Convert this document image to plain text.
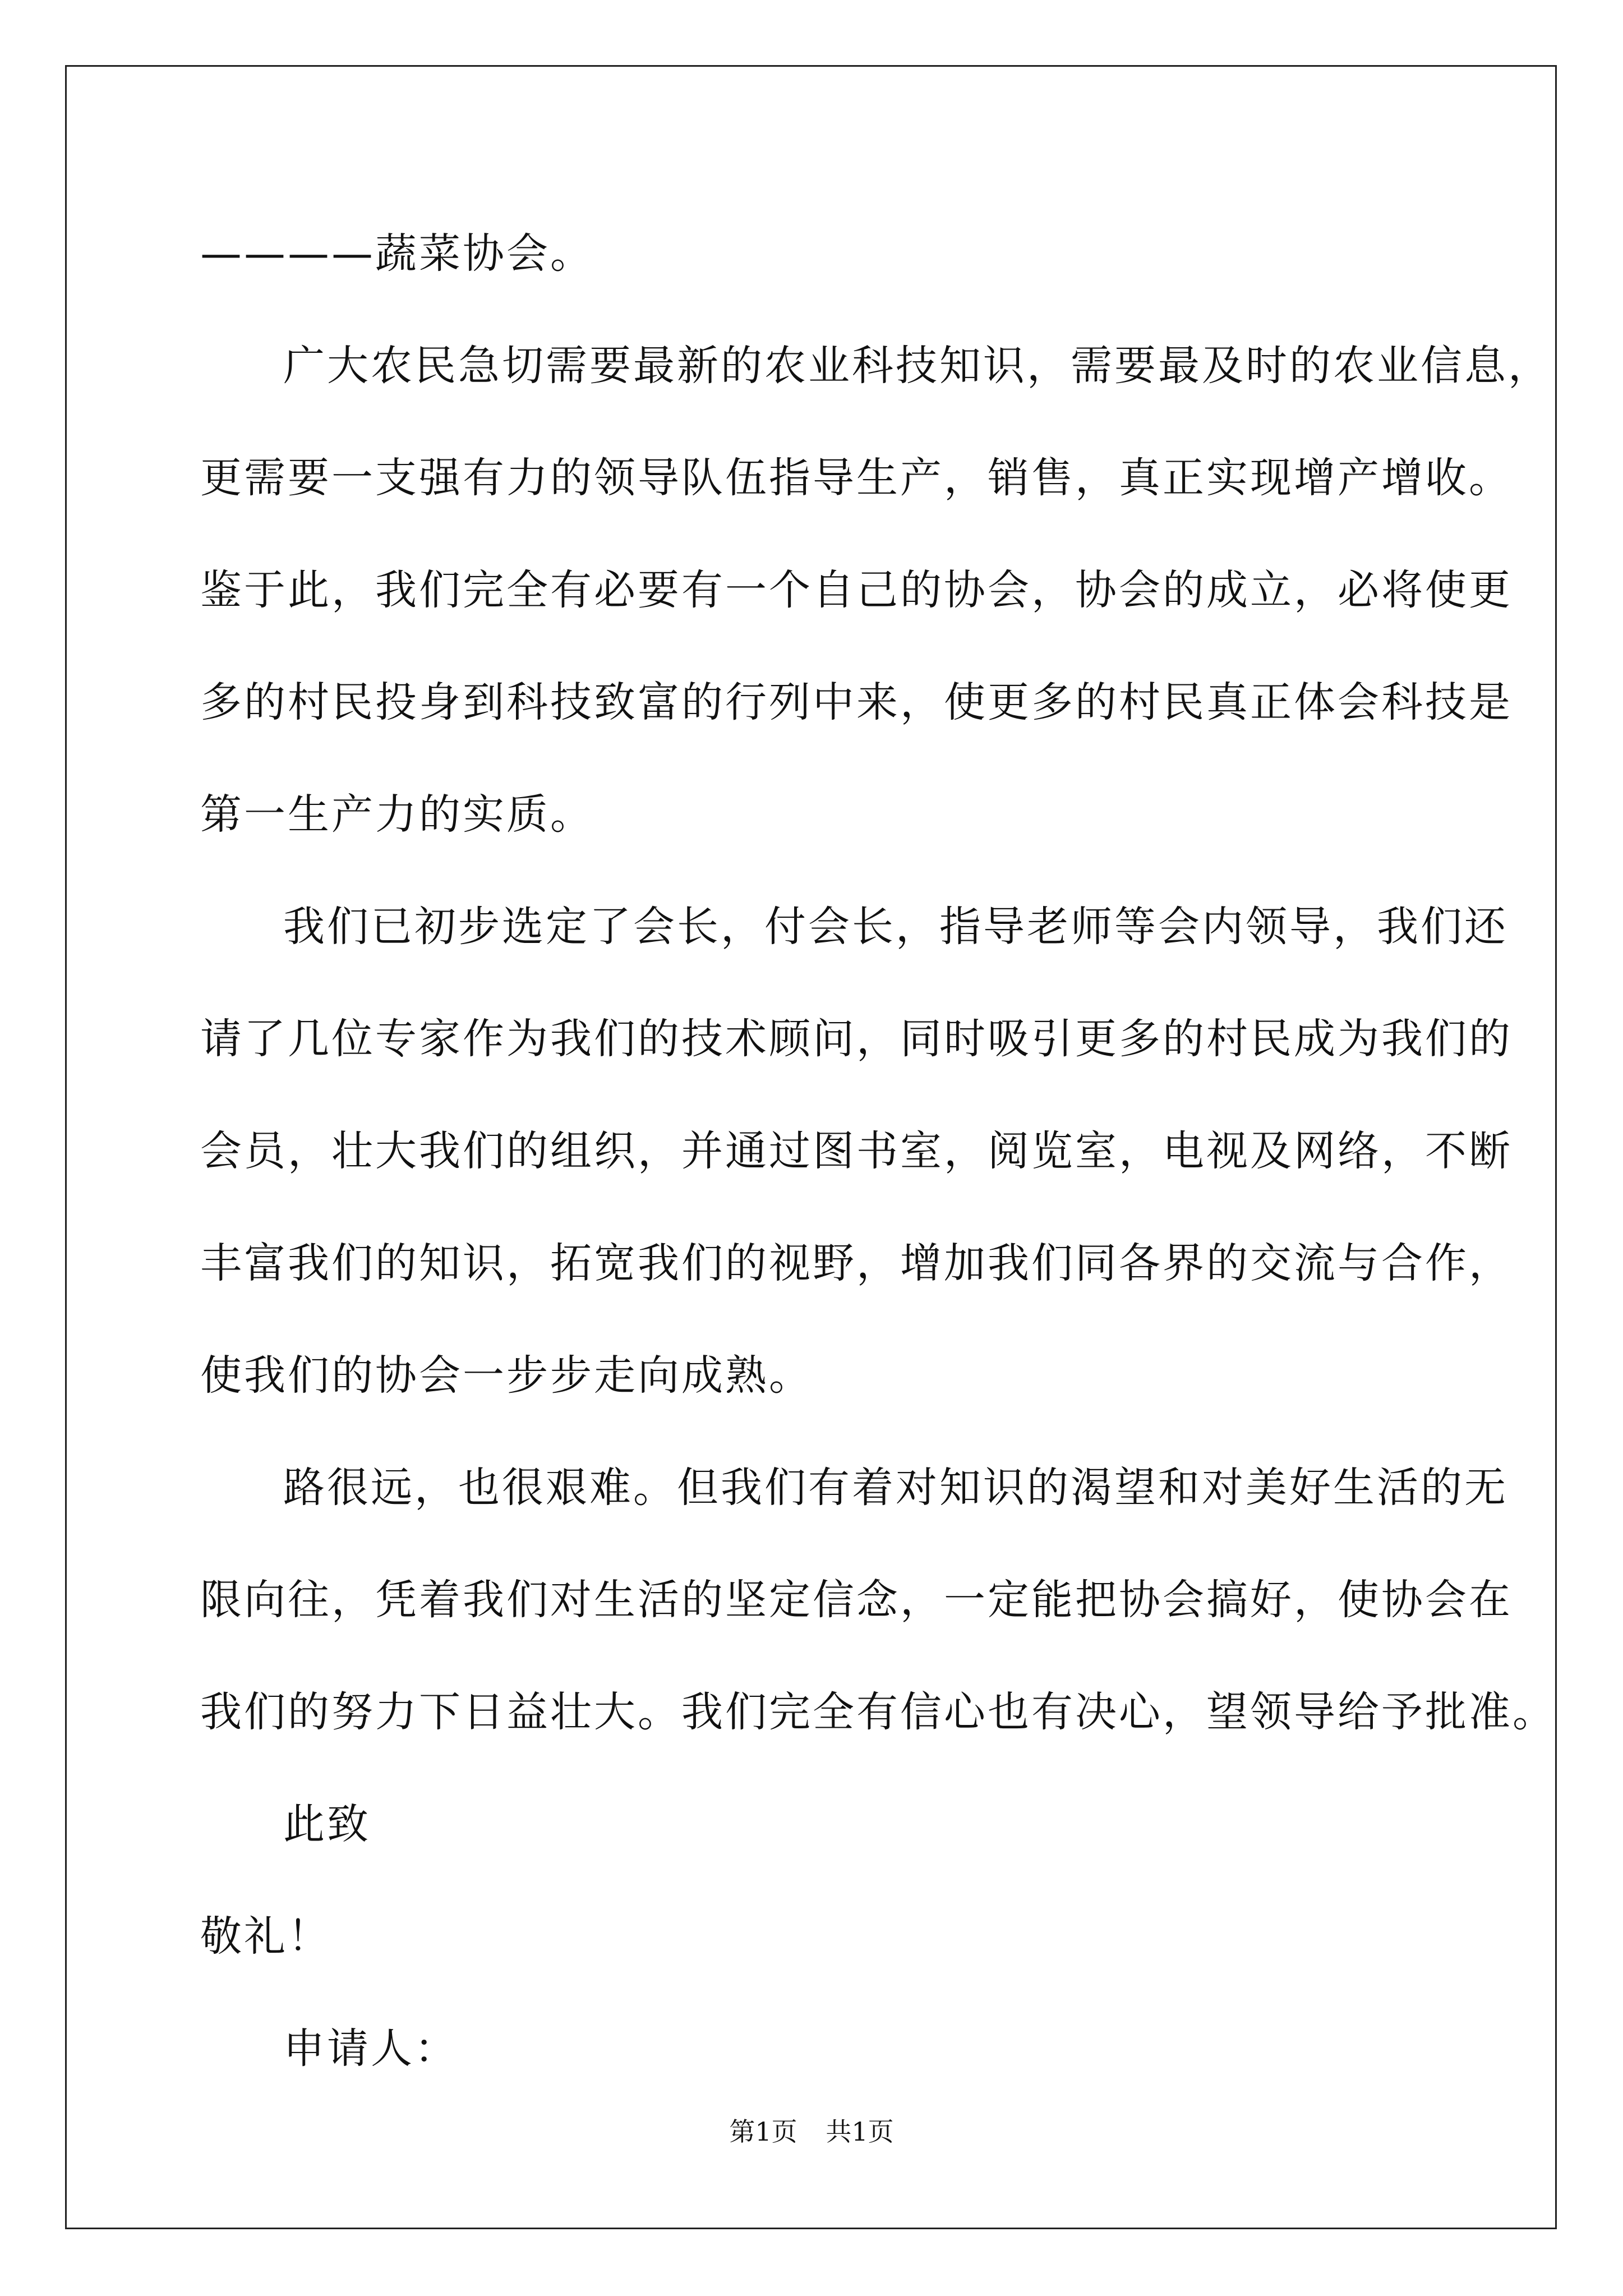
————蔬菜协会。
广大农民急切需要最新的农业科技知识，需要最及时的农业信息，
更需要一支强有力的领导队伍指导生产，销售，真正实现增产增收。
鉴于此，我们完全有必要有一个自己的协会，协会的成立，必将使更
多的村民投身到科技致富的行列中来，使更多的村民真正体会科技是
第一生产力的实质。
我们已初步选定了会长，付会长，指导老师等会内领导，我们还
请了几位专家作为我们的技术顾问，同时吸引更多的村民成为我们的
会员，壮大我们的组织，并通过图书室，阅览室，电视及网络，不断
丰富我们的知识，拓宽我们的视野，增加我们同各界的交流与合作，
使我们的协会一步步走向成熟。
路很远，也很艰难。但我们有着对知识的渴望和对美好生活的无
限向往，凭着我们对生活的坚定信念，一定能把协会搞好，使协会在
我们的努力下日益壮大。我们完全有信心也有决心，望领导给予批准。
此致
敬礼！
申请人：
第1页 共1页
